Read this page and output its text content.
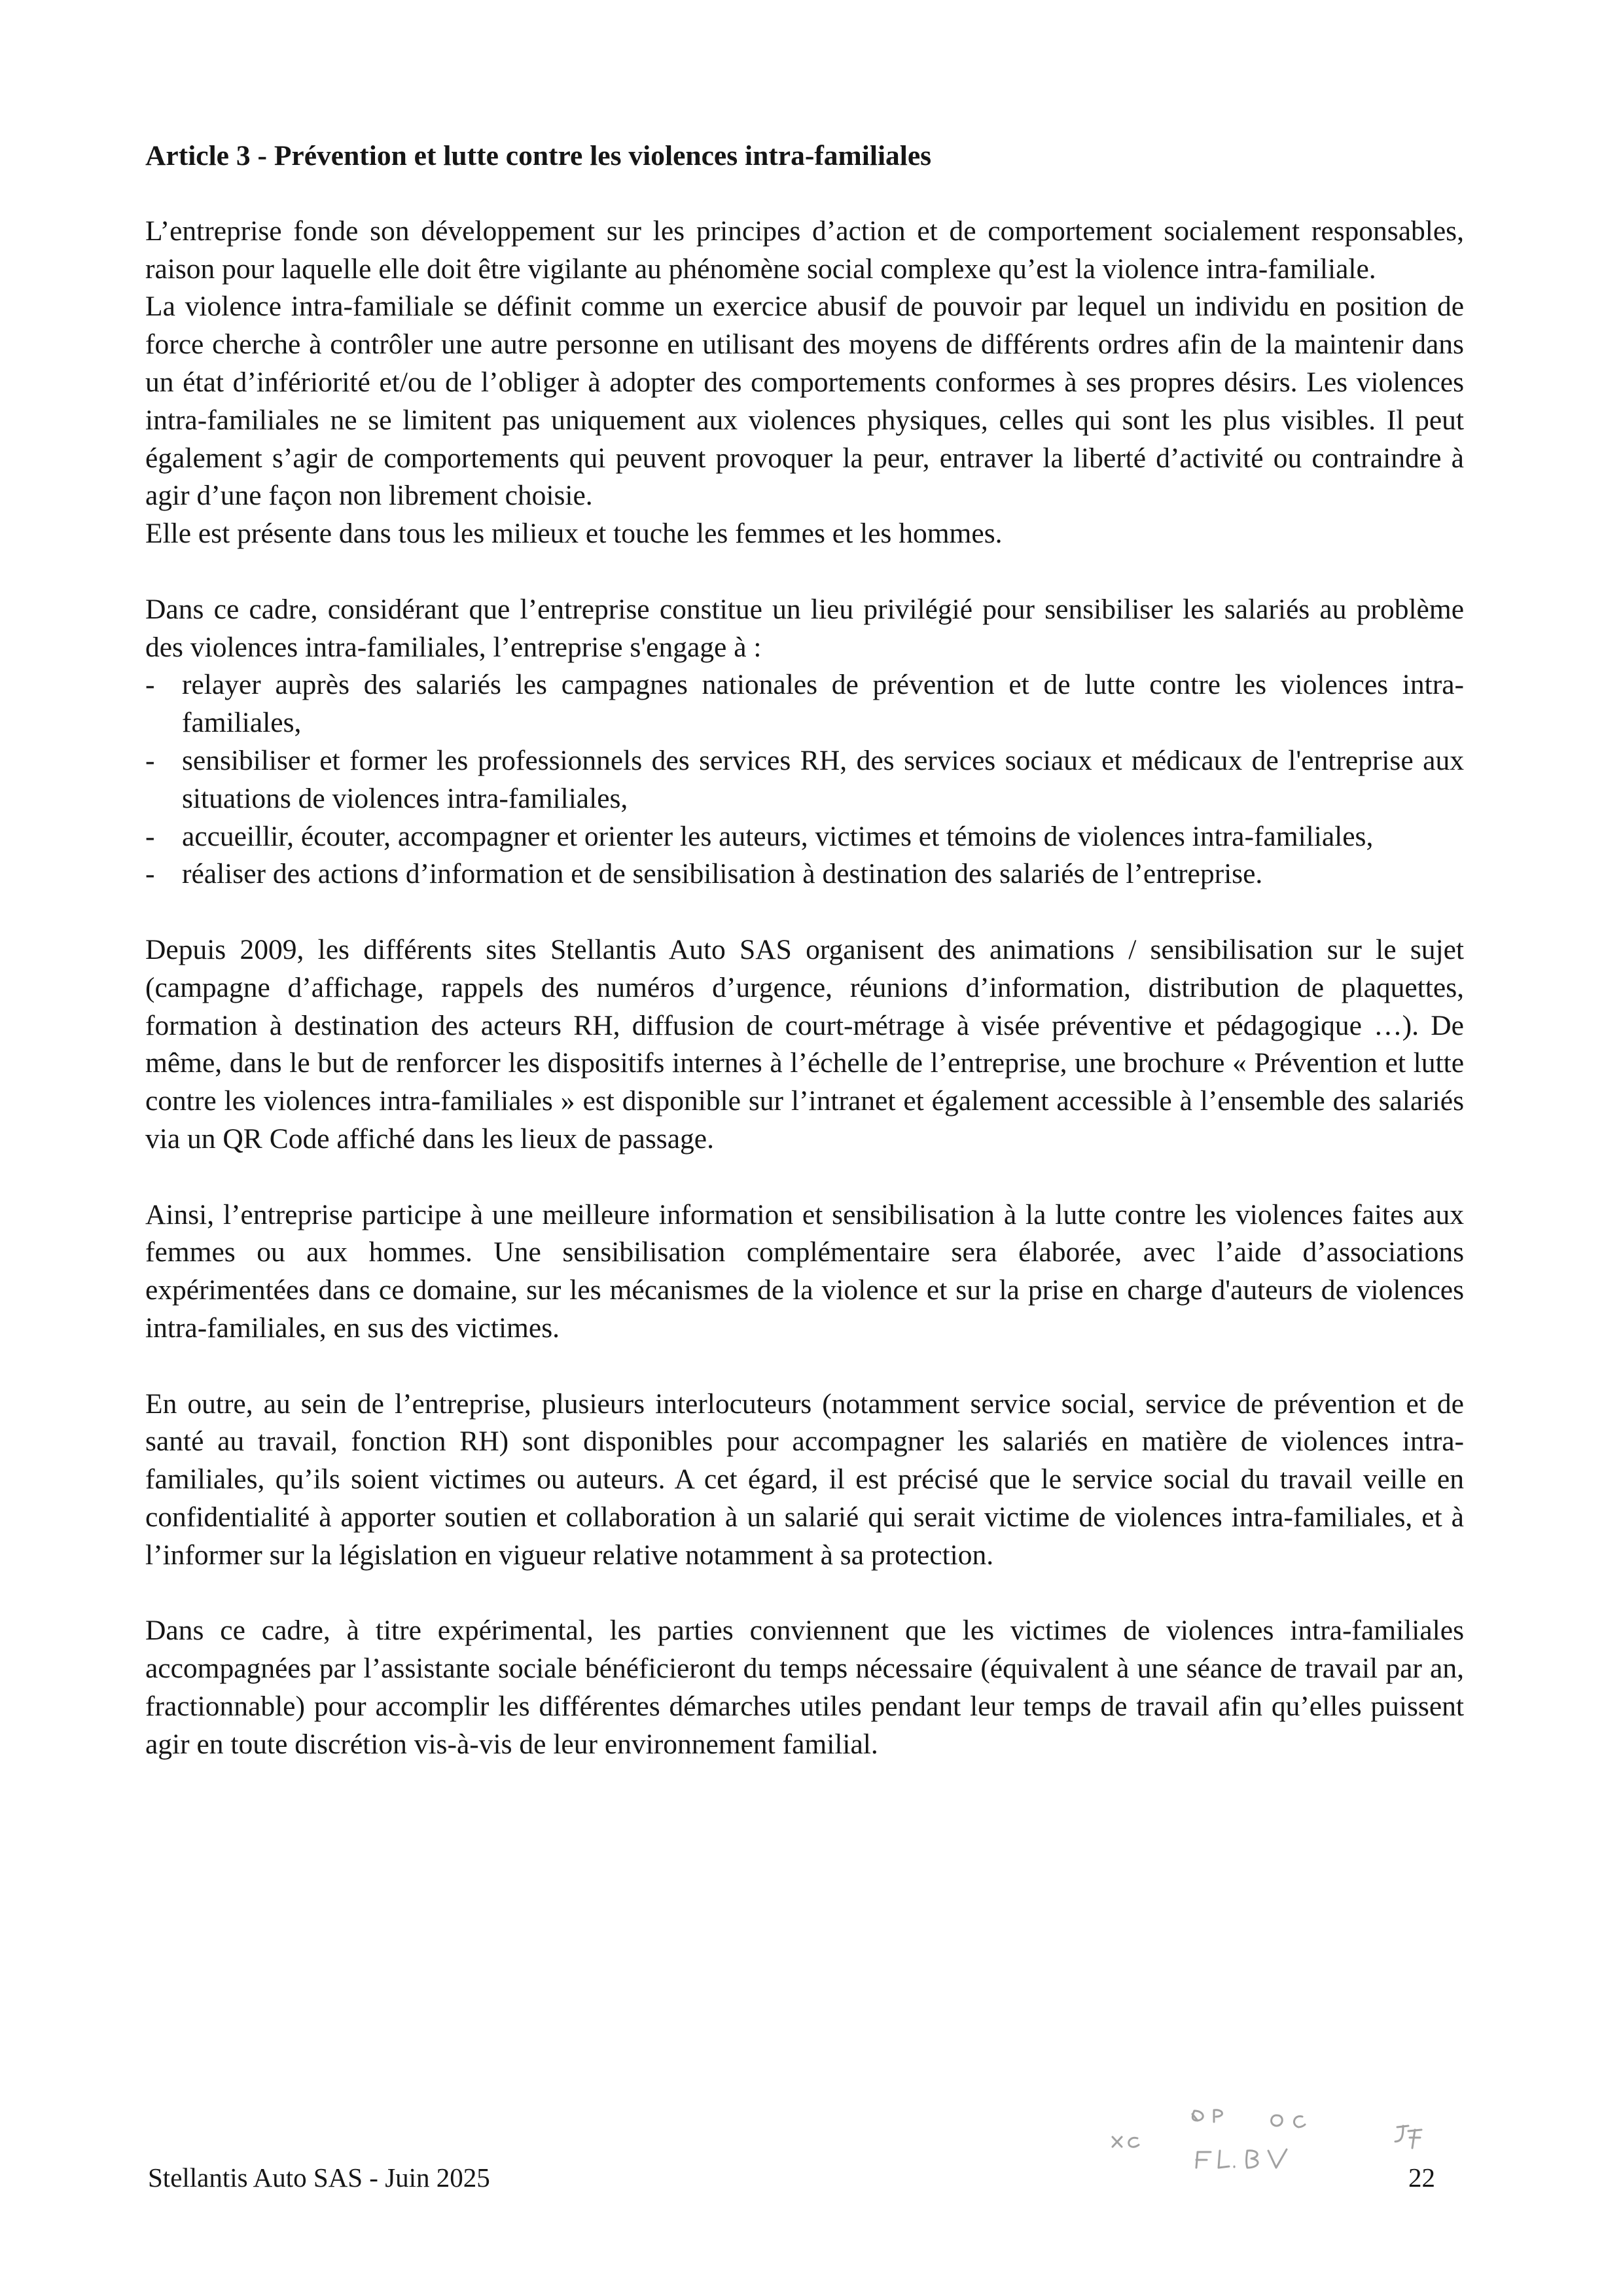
Article 3 - Prévention et lutte contre les violences intra-familiales

L’entreprise fonde son développement sur les principes d’action et de comportement socialement responsables, raison pour laquelle elle doit être vigilante au phénomène social complexe qu’est la violence intra-familiale.

La violence intra-familiale se définit comme un exercice abusif de pouvoir par lequel un individu en position de force cherche à contrôler une autre personne en utilisant des moyens de différents ordres afin de la maintenir dans un état d’infériorité et/ou de l’obliger à adopter des comportements conformes à ses propres désirs. Les violences intra-familiales ne se limitent pas uniquement aux violences physiques, celles qui sont les plus visibles. Il peut également s’agir de comportements qui peuvent provoquer la peur, entraver la liberté d’activité ou contraindre à agir d’une façon non librement choisie.

Elle est présente dans tous les milieux et touche les femmes et les hommes.

Dans ce cadre, considérant que l’entreprise constitue un lieu privilégié pour sensibiliser les salariés au problème des violences intra-familiales, l’entreprise s'engage à :

- relayer auprès des salariés les campagnes nationales de prévention et de lutte contre les violences intra-familiales,
- sensibiliser et former les professionnels des services RH, des services sociaux et médicaux de l'entreprise aux situations de violences intra-familiales,
- accueillir, écouter, accompagner et orienter les auteurs, victimes et témoins de violences intra-familiales,
- réaliser des actions d’information et de sensibilisation à destination des salariés de l’entreprise.

Depuis 2009, les différents sites Stellantis Auto SAS organisent des animations / sensibilisation sur le sujet (campagne d’affichage, rappels des numéros d’urgence, réunions d’information, distribution de plaquettes, formation à destination des acteurs RH, diffusion de court-métrage à visée préventive et pédagogique …). De même, dans le but de renforcer les dispositifs internes à l’échelle de l’entreprise, une brochure « Prévention et lutte contre les violences intra-familiales » est disponible sur l’intranet et également accessible à l’ensemble des salariés via un QR Code affiché dans les lieux de passage.

Ainsi, l’entreprise participe à une meilleure information et sensibilisation à la lutte contre les violences faites aux femmes ou aux hommes. Une sensibilisation complémentaire sera élaborée, avec l’aide d’associations expérimentées dans ce domaine, sur les mécanismes de la violence et sur la prise en charge d'auteurs de violences intra-familiales, en sus des victimes.

En outre, au sein de l’entreprise, plusieurs interlocuteurs (notamment service social, service de prévention et de santé au travail, fonction RH) sont disponibles pour accompagner les salariés en matière de violences intra-familiales, qu’ils soient victimes ou auteurs. A cet égard, il est précisé que le service social du travail veille en confidentialité à apporter soutien et collaboration à un salarié qui serait victime de violences intra-familiales, et à l’informer sur la législation en vigueur relative notamment à sa protection.

Dans ce cadre, à titre expérimental, les parties conviennent que les victimes de violences intra-familiales accompagnées par l’assistante sociale bénéficieront du temps nécessaire (équivalent à une séance de travail par an, fractionnable) pour accomplir les différentes démarches utiles pendant leur temps de travail afin qu’elles puissent agir en toute discrétion vis-à-vis de leur environnement familial.

Stellantis Auto SAS - Juin 2025	22
